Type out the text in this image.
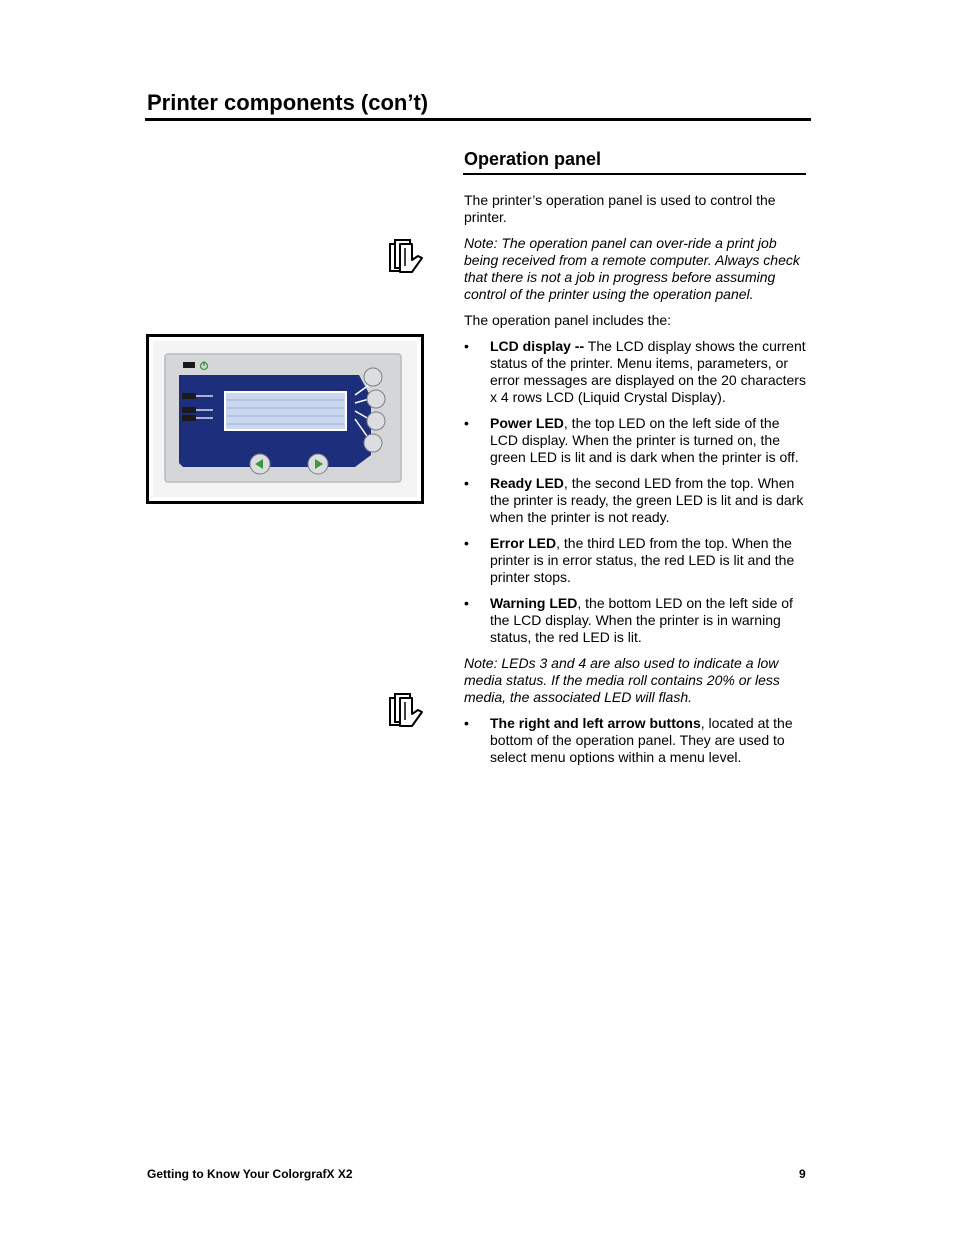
Printer components (con’t)
Operation panel

The printer’s operation panel is used to control the printer.

Note: The operation panel can over-ride a print job being received from a remote computer. Always check that there is not a job in progress before assuming control of the printer using the operation panel.

The operation panel includes the:

• LCD display -- The LCD display shows the current status of the printer. Menu items, parameters, or error messages are displayed on the 20 characters x 4 rows LCD (Liquid Crystal Display).
• Power LED, the top LED on the left side of the LCD display. When the printer is turned on, the green LED is lit and is dark when the printer is off.
• Ready LED, the second LED from the top. When the printer is ready, the green LED is lit and is dark when the printer is not ready.
• Error LED, the third LED from the top. When the printer is in error status, the red LED is lit and the printer stops.
• Warning LED, the bottom LED on the left side of the LCD display. When the printer is in warning status, the red LED is lit.

Note: LEDs 3 and 4 are also used to indicate a low media status. If the media roll contains 20% or less media, the associated LED will flash.

• The right and left arrow buttons, located at the bottom of the operation panel. They are used to select menu options within a menu level.
Getting to Know Your ColorgrafX X2	9
